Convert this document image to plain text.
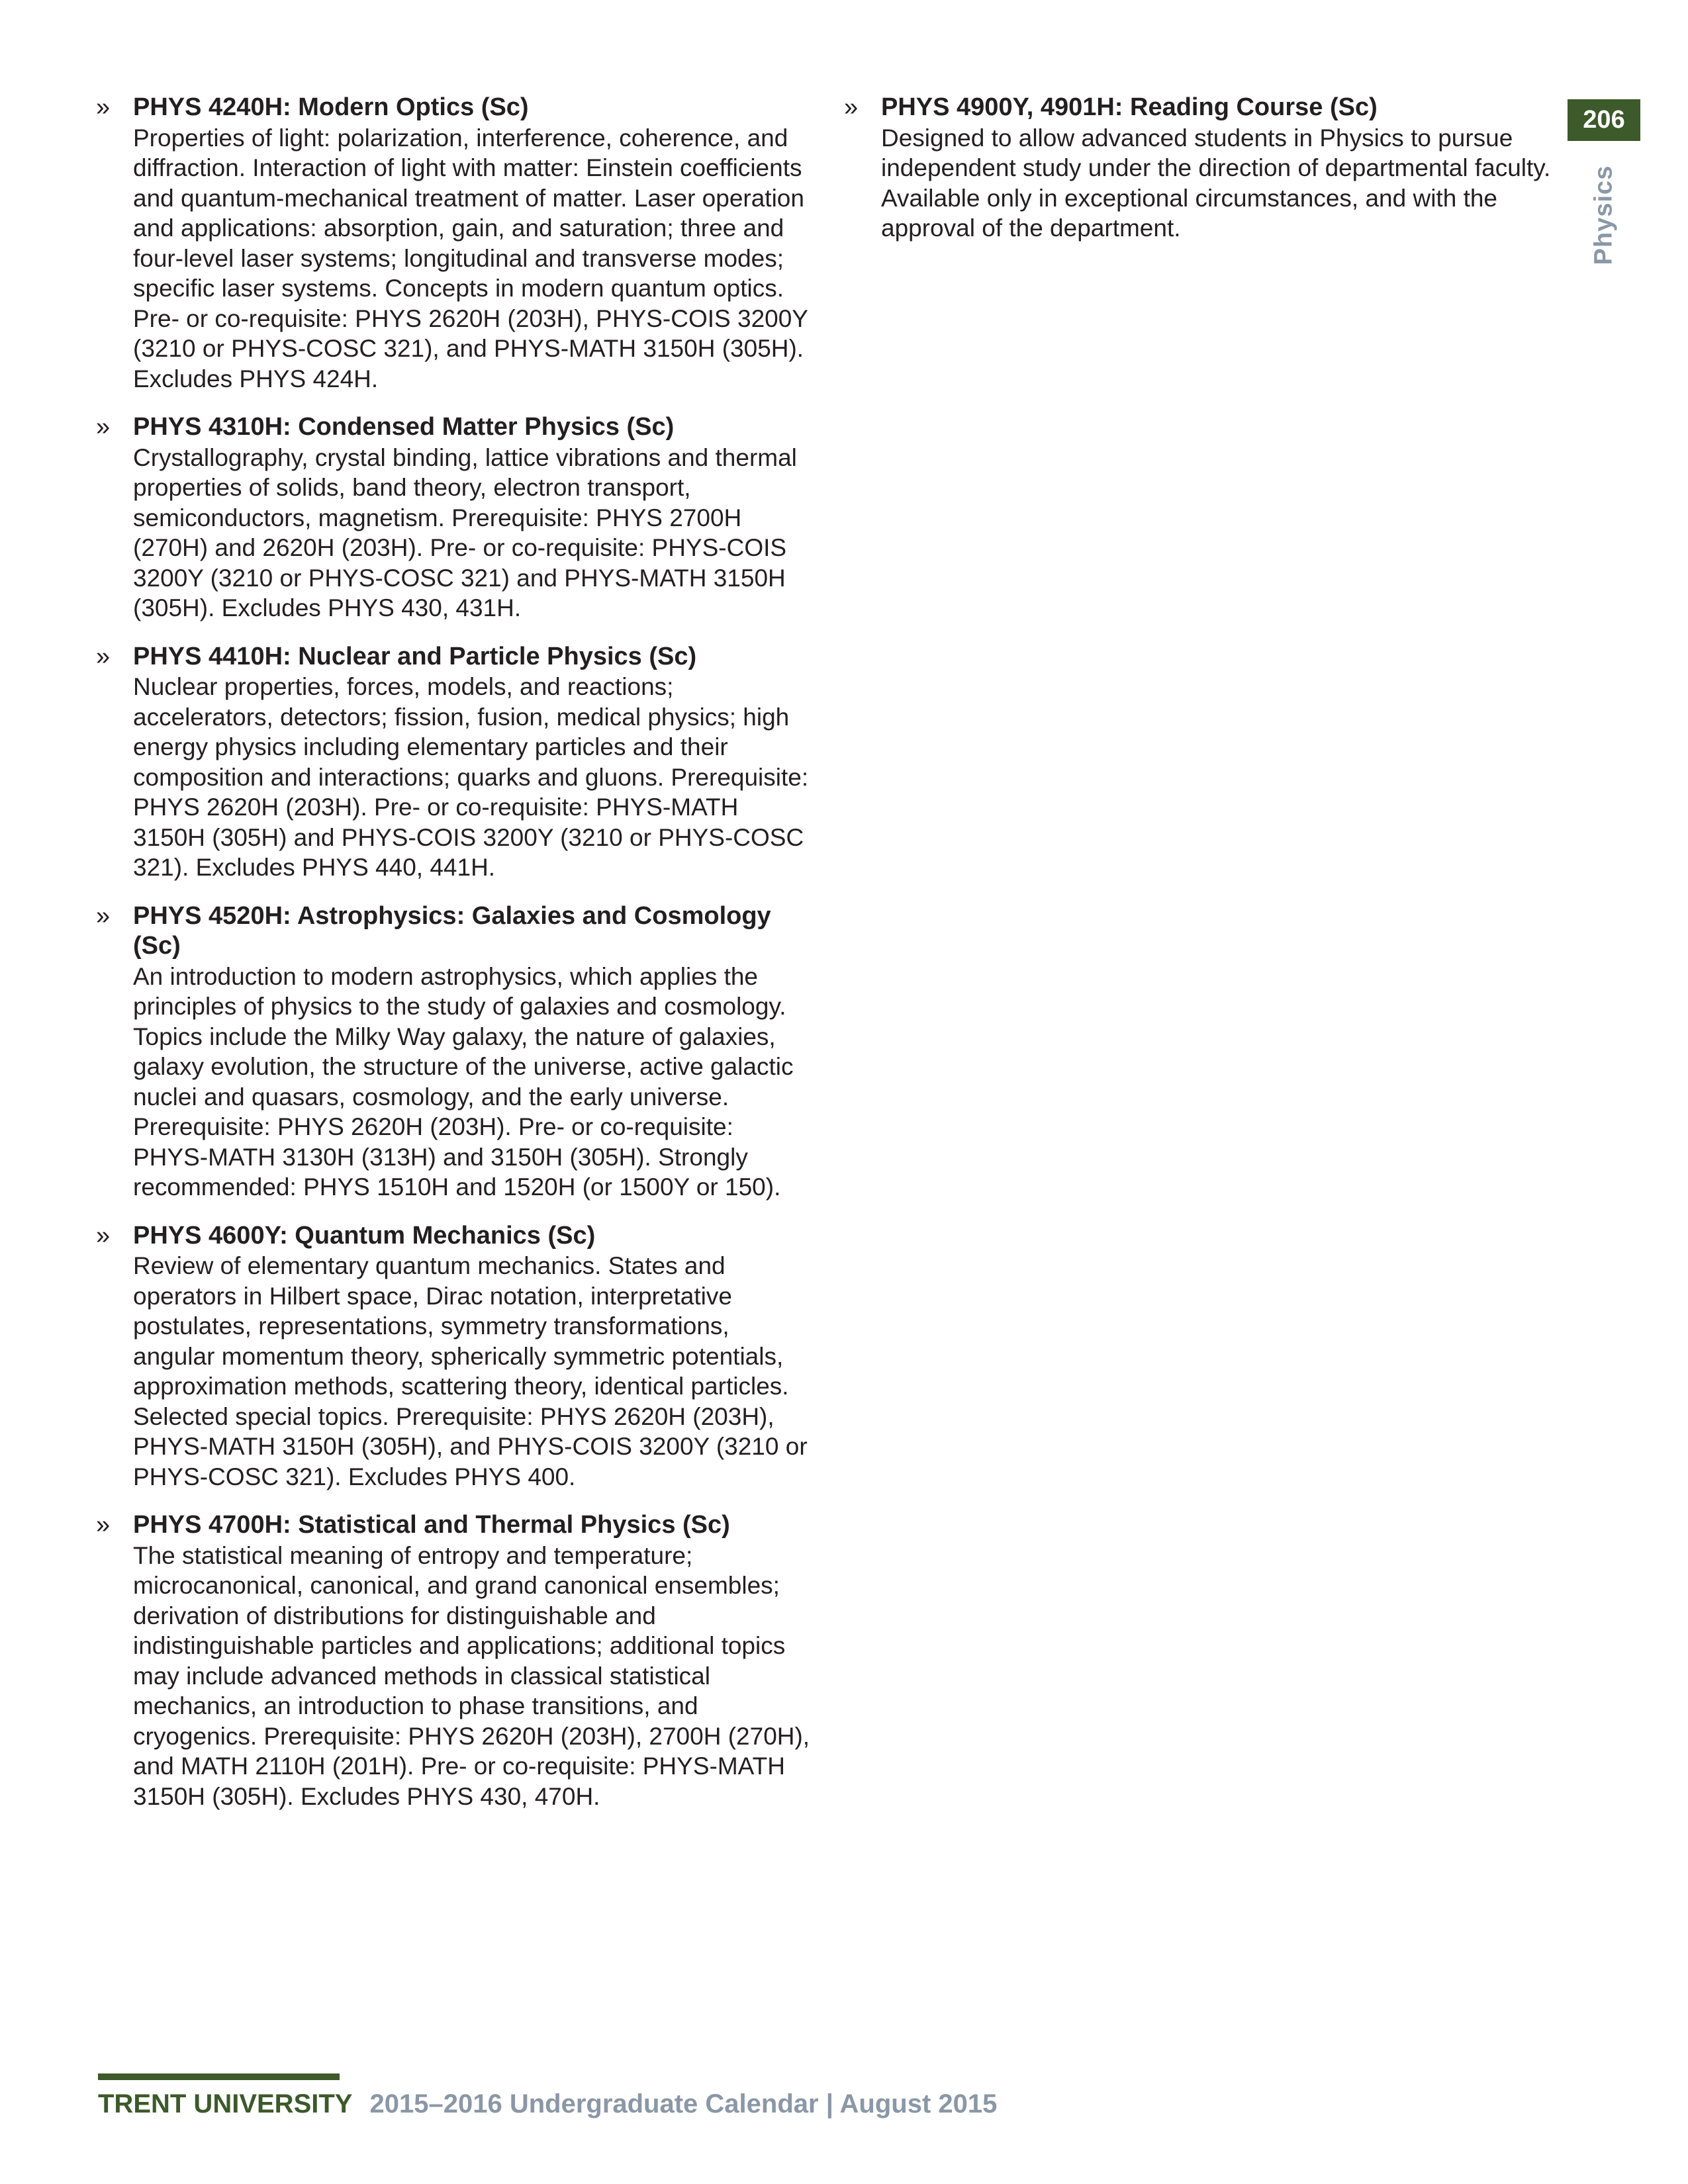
» PHYS 4240H: Modern Optics (Sc)

Properties of light: polarization, interference, coherence, and diffraction. Interaction of light with matter: Einstein coefficients and quantum-mechanical treatment of matter. Laser operation and applications: absorption, gain, and saturation; three and four-level laser systems; longitudinal and transverse modes; specific laser systems. Concepts in modern quantum optics. Pre- or co-requisite: PHYS 2620H (203H), PHYS-COIS 3200Y (3210 or PHYS-COSC 321), and PHYS-MATH 3150H (305H). Excludes PHYS 424H.

» PHYS 4310H: Condensed Matter Physics (Sc)

Crystallography, crystal binding, lattice vibrations and thermal properties of solids, band theory, electron transport, semiconductors, magnetism. Prerequisite: PHYS 2700H (270H) and 2620H (203H). Pre- or co-requisite: PHYS-COIS 3200Y (3210 or PHYS-COSC 321) and PHYS-MATH 3150H (305H). Excludes PHYS 430, 431H.

» PHYS 4410H: Nuclear and Particle Physics (Sc)

Nuclear properties, forces, models, and reactions; accelerators, detectors; fission, fusion, medical physics; high energy physics including elementary particles and their composition and interactions; quarks and gluons. Prerequisite: PHYS 2620H (203H). Pre- or co-requisite: PHYS-MATH 3150H (305H) and PHYS-COIS 3200Y (3210 or PHYS-COSC 321). Excludes PHYS 440, 441H.

» PHYS 4520H: Astrophysics: Galaxies and Cosmology (Sc)

An introduction to modern astrophysics, which applies the principles of physics to the study of galaxies and cosmology. Topics include the Milky Way galaxy, the nature of galaxies, galaxy evolution, the structure of the universe, active galactic nuclei and quasars, cosmology, and the early universe. Prerequisite: PHYS 2620H (203H). Pre- or co-requisite: PHYS-MATH 3130H (313H) and 3150H (305H). Strongly recommended: PHYS 1510H and 1520H (or 1500Y or 150).

» PHYS 4600Y: Quantum Mechanics (Sc)

Review of elementary quantum mechanics. States and operators in Hilbert space, Dirac notation, interpretative postulates, representations, symmetry transformations, angular momentum theory, spherically symmetric potentials, approximation methods, scattering theory, identical particles. Selected special topics. Prerequisite: PHYS 2620H (203H), PHYS-MATH 3150H (305H), and PHYS-COIS 3200Y (3210 or PHYS-COSC 321). Excludes PHYS 400.

» PHYS 4700H: Statistical and Thermal Physics (Sc)

The statistical meaning of entropy and temperature; microcanonical, canonical, and grand canonical ensembles; derivation of distributions for distinguishable and indistinguishable particles and applications; additional topics may include advanced methods in classical statistical mechanics, an introduction to phase transitions, and cryogenics. Prerequisite: PHYS 2620H (203H), 2700H (270H), and MATH 2110H (201H). Pre- or co-requisite: PHYS-MATH 3150H (305H). Excludes PHYS 430, 470H.

» PHYS 4900Y, 4901H: Reading Course (Sc)

Designed to allow advanced students in Physics to pursue independent study under the direction of departmental faculty. Available only in exceptional circumstances, and with the approval of the department.

206
Physics
TRENT UNIVERSITY 2015–2016 Undergraduate Calendar | August 2015
